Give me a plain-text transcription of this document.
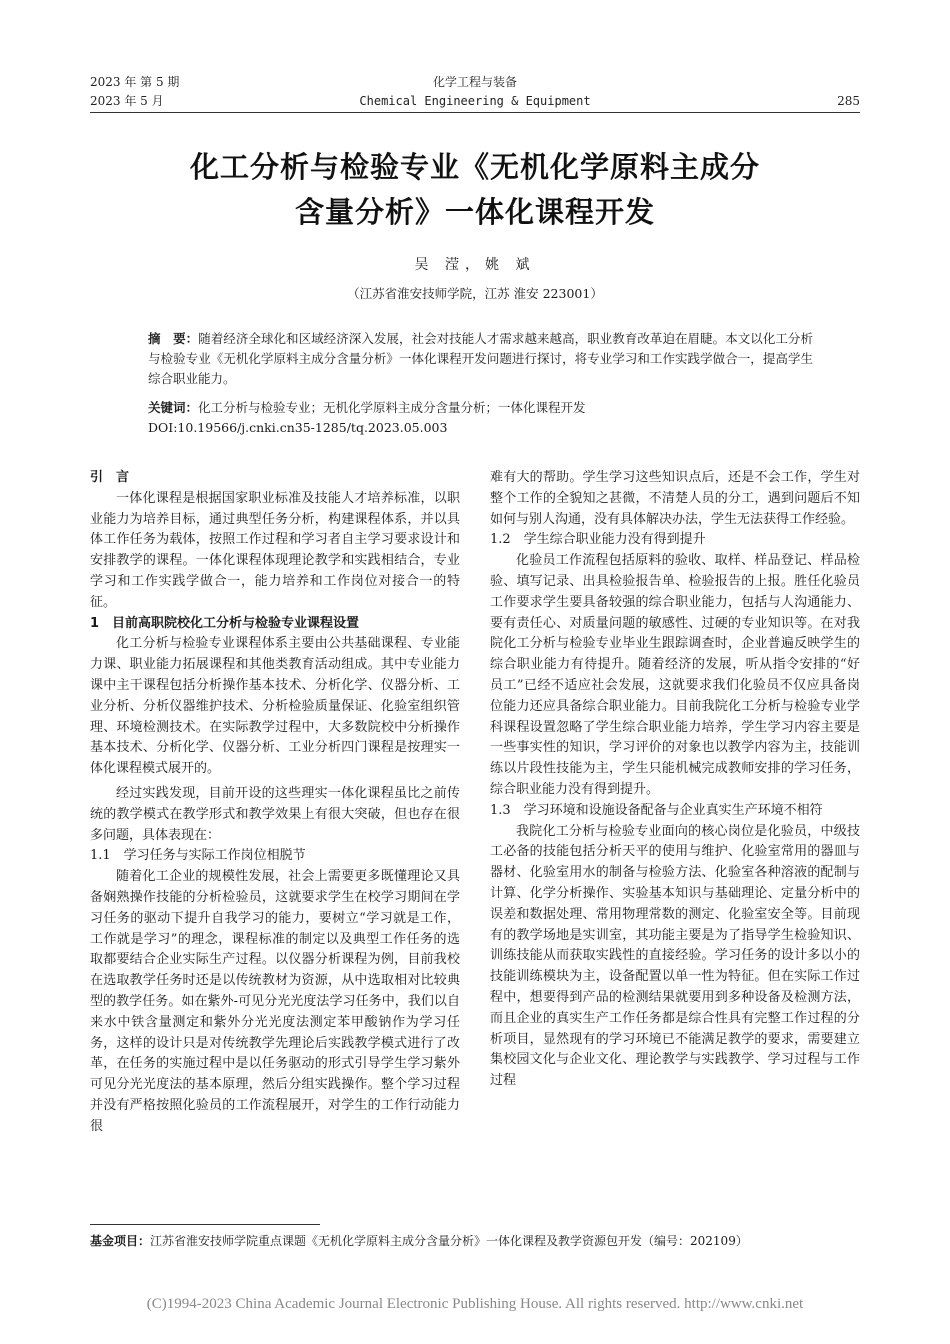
2023 年 第 5 期
2023 年 5 月
化学工程与装备
Chemical Engineering & Equipment	285
化工分析与检验专业《无机化学原料主成分
含量分析》一体化课程开发
吴 滢，姚 斌
（江苏省淮安技师学院，江苏 淮安 223001）
摘　要：随着经济全球化和区域经济深入发展，社会对技能人才需求越来越高，职业教育改革迫在眉睫。本文以化工分析与检验专业《无机化学原料主成分含量分析》一体化课程开发问题进行探讨，将专业学习和工作实践学做合一，提高学生综合职业能力。
关键词：化工分析与检验专业；无机化学原料主成分含量分析；一体化课程开发
DOI:10.19566/j.cnki.cn35-1285/tq.2023.05.003
引　言

一体化课程是根据国家职业标准及技能人才培养标准，以职业能力为培养目标，通过典型任务分析，构建课程体系，并以具体工作任务为载体，按照工作过程和学习者自主学习要求设计和安排教学的课程。一体化课程体现理论教学和实践相结合，专业学习和工作实践学做合一，能力培养和工作岗位对接合一的特征。

1　目前高职院校化工分析与检验专业课程设置

化工分析与检验专业课程体系主要由公共基础课程、专业能力课、职业能力拓展课程和其他类教育活动组成。其中专业能力课中主干课程包括分析操作基本技术、分析化学、仪器分析、工业分析、分析仪器维护技术、分析检验质量保证、化验室组织管理、环境检测技术。在实际教学过程中，大多数院校中分析操作基本技术、分析化学、仪器分析、工业分析四门课程是按理实一体化课程模式展开的。

经过实践发现，目前开设的这些理实一体化课程虽比之前传统的教学模式在教学形式和教学效果上有很大突破，但也存在很多问题，具体表现在：

1.1　学习任务与实际工作岗位相脱节

随着化工企业的规模性发展，社会上需要更多既懂理论又具备娴熟操作技能的分析检验员，这就要求学生在校学习期间在学习任务的驱动下提升自我学习的能力，要树立“学习就是工作，工作就是学习”的理念，课程标准的制定以及典型工作任务的选取都要结合企业实际生产过程。以仪器分析课程为例，目前我校在选取教学任务时还是以传统教材为资源，从中选取相对比较典型的教学任务。如在紫外-可见分光光度法学习任务中，我们以自来水中铁含量测定和紫外分光光度法测定苯甲酸钠作为学习任务，这样的设计只是对传统教学先理论后实践教学模式进行了改革，在任务的实施过程中是以任务驱动的形式引导学生学习紫外可见分光光度法的基本原理，然后分组实践操作。整个学习过程并没有严格按照化验员的工作流程展开，对学生的工作行动能力很

难有大的帮助。学生学习这些知识点后，还是不会工作，学生对整个工作的全貌知之甚微，不清楚人员的分工，遇到问题后不知如何与别人沟通，没有具体解决办法，学生无法获得工作经验。

1.2　学生综合职业能力没有得到提升

化验员工作流程包括原料的验收、取样、样品登记、样品检验、填写记录、出具检验报告单、检验报告的上报。胜任化验员工作要求学生要具备较强的综合职业能力，包括与人沟通能力、要有责任心、对质量问题的敏感性、过硬的专业知识等。在对我院化工分析与检验专业毕业生跟踪调查时，企业普遍反映学生的综合职业能力有待提升。随着经济的发展，听从指令安排的“好员工”已经不适应社会发展，这就要求我们化验员不仅应具备岗位能力还应具备综合职业能力。目前我院化工分析与检验专业学科课程设置忽略了学生综合职业能力培养，学生学习内容主要是一些事实性的知识，学习评价的对象也以教学内容为主，技能训练以片段性技能为主，学生只能机械完成教师安排的学习任务，综合职业能力没有得到提升。

1.3　学习环境和设施设备配备与企业真实生产环境不相符

我院化工分析与检验专业面向的核心岗位是化验员，中级技工必备的技能包括分析天平的使用与维护、化验室常用的器皿与器材、化验室用水的制备与检验方法、化验室各种溶液的配制与计算、化学分析操作、实验基本知识与基础理论、定量分析中的误差和数据处理、常用物理常数的测定、化验室安全等。目前现有的教学场地是实训室，其功能主要是为了指导学生检验知识、训练技能从而获取实践性的直接经验。学习任务的设计多以小的技能训练模块为主，设备配置以单一性为特征。但在实际工作过程中，想要得到产品的检测结果就要用到多种设备及检测方法，而且企业的真实生产工作任务都是综合性具有完整工作过程的分析项目，显然现有的学习环境已不能满足教学的要求，需要建立集校园文化与企业文化、理论教学与实践教学、学习过程与工作过程

基金项目：江苏省淮安技师学院重点课题《无机化学原料主成分含量分析》一体化课程及教学资源包开发（编号：202109）
(C)1994-2023 China Academic Journal Electronic Publishing House. All rights reserved. http://www.cnki.net
